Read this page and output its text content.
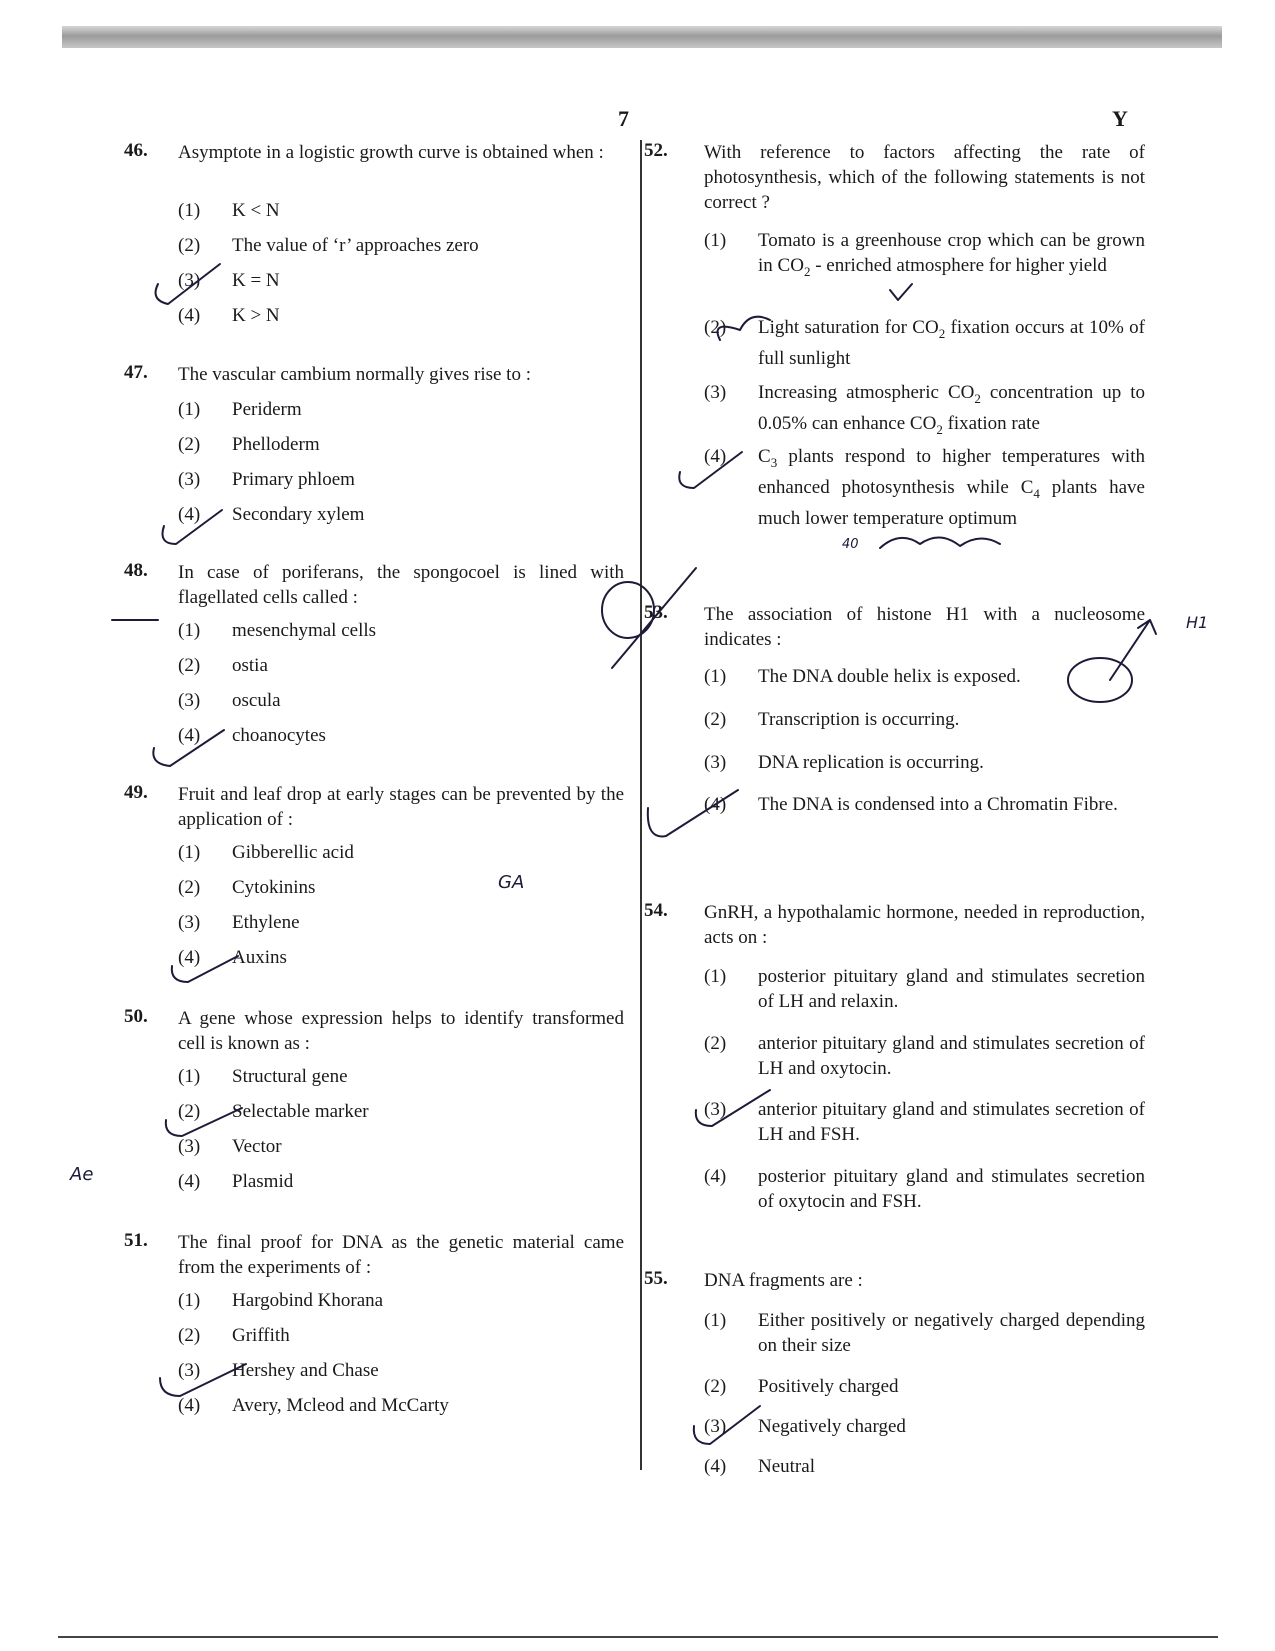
7	Y
46. Asymptote in a logistic growth curve is obtained when :
(1) K < N
(2) The value of ‘r’ approaches zero
(3) K = N
(4) K > N
47. The vascular cambium normally gives rise to :
(1) Periderm
(2) Phelloderm
(3) Primary phloem
(4) Secondary xylem
48. In case of poriferans, the spongocoel is lined with flagellated cells called :
(1) mesenchymal cells
(2) ostia
(3) oscula
(4) choanocytes
49. Fruit and leaf drop at early stages can be prevented by the application of :
(1) Gibberellic acid
(2) Cytokinins
(3) Ethylene
(4) Auxins
50. A gene whose expression helps to identify transformed cell is known as :
(1) Structural gene
(2) Selectable marker
(3) Vector
(4) Plasmid
51. The final proof for DNA as the genetic material came from the experiments of :
(1) Hargobind Khorana
(2) Griffith
(3) Hershey and Chase
(4) Avery, Mcleod and McCarty
52. With reference to factors affecting the rate of photosynthesis, which of the following statements is not correct ?
(1) Tomato is a greenhouse crop which can be grown in $CO_2$ - enriched atmosphere for higher yield
(2) Light saturation for $CO_2$ fixation occurs at 10% of full sunlight
(3) Increasing atmospheric $CO_2$ concentration up to 0.05% can enhance $CO_2$ fixation rate
(4) $C_3$ plants respond to higher temperatures with enhanced photosynthesis while $C_4$ plants have much lower temperature optimum
53. The association of histone H1 with a nucleosome indicates :
(1) The DNA double helix is exposed.
(2) Transcription is occurring.
(3) DNA replication is occurring.
(4) The DNA is condensed into a Chromatin Fibre.
54. GnRH, a hypothalamic hormone, needed in reproduction, acts on :
(1) posterior pituitary gland and stimulates secretion of LH and relaxin.
(2) anterior pituitary gland and stimulates secretion of LH and oxytocin.
(3) anterior pituitary gland and stimulates secretion of LH and FSH.
(4) posterior pituitary gland and stimulates secretion of oxytocin and FSH.
55. DNA fragments are :
(1) Either positively or negatively charged depending on their size
(2) Positively charged
(3) Negatively charged
(4) Neutral
GA
40
H1
Ae
